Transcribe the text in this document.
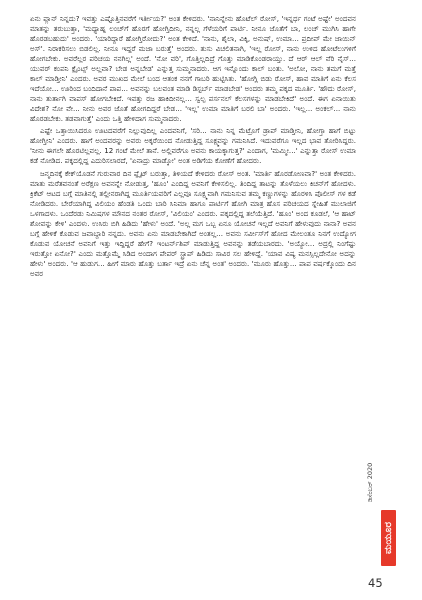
ಏನು ಪ್ಲಾನ್ ನಿನ್ನದು? ಇವತ್ತು ಎಷ್ಟೊತ್ತಿನವರೆಗೆ ಇರ್ತೀಯ?' ಅಂತ ಕೇಳಿದರು. 'ನಾನಿನ್ನೇನು ಹೊಟೆಲ್ ರೋಸ್, 'ಇನ್ನರ್ಧ ಗಂಟೆ ಅಷ್ಟೇ' ಅಂದವನ ಮಾತನ್ನು ತರುಬುತ್ತಾ, 'ಮಧ್ಯಾಹ್ನ ಲಂಚ್‌ಗೆ ಹೊರಗೆ ಹೋಗ್ತಿದೀನಿ, ನನ್ನಲ್ಲ ಗೆಳೆಯರಿಗೆ ಪಾರ್ಟಿ. ನೀನೂ ಜೊತೆಗೆ ಬಾ, ಲಂಚ್ ಮುಗಿಸಿ ಹಾಗೇ ಹೊರಡಬಹುದು' ಅಂದರು. 'ಯಾರಿದ್ದಾರೆ ಹೋಗ್ತಿರೋದು?' ಅಂತ ಕೇಳಿದೆ. 'ನಾನು, ಶೈಲಾ, ವಿಕ್ಕಿ, ಅನುಷ್, ಉಮಾ... ಪ್ರದೀಪ್ ಮೇ ಜಾಯಿನ್ ಅಸ್'. ನಿರಾಕರಿಸಲು ಬಿಡಲಿಲ್ಲ. ನೀನೂ ಇದ್ದರೆ ಮಜಾ ಬರುತ್ತೆ' ಅಂದರು. ತುಸು ವಿಚಲಿತನಾಗಿ, 'ಇಲ್ಲ ರೋಸ್, ನಾನು ಉಳಿದ ಹೋಟೆಲುಗಳಿಗೆ ಹೋಗಬೇಕು. ಅವರೆಲ್ಲರ ಪರಿಚಯ ನನಗಿಲ್ಲ' ಅಂದೆ. 'ನೋ ವರಿ', ಗೊತ್ತಿಲ್ಲದಿದ್ರೆ ಗೊತ್ತು ಮಾಡಿಕೊಂಡರಾಯ್ತು. ದೆ ಆರ್ ಆಲ್ ವೆರಿ ನೈಸ್... ಯುವರ್ ಕಂಪನಿ ಕ್ಲೈಂಟ್ಸ್ ಅಲ್ಲವಾ? ಬೇಡ ಅನ್ನಬೇಡ' ಎನ್ನುತ್ತ ಸುಮ್ಮನಾದರು. ಆಗ ಇನ್ನೊಂದು ಕಾಲ್ ಬಂತು. 'ಅಲೋ, ನಾನು ತಮಗೆ ಮತ್ತೆ ಕಾಲ್ ಮಾಡ್ತೀನಿ' ಎಂದರು. ಅವರ ಮುಖದ ಮೇಲೆ ಬಂದ ಆತಂಕ ನನಗೆ ಗಾಬರಿ ಹುಟ್ಟಿಸಿತು. 'ಹೋಗ್ಲಿ ಬಿಡು ರೋಸ್, ಹಾವ ಮಾತಿಗೆ ಏನು ಕೆಲಸ ಇದೆಯೋ... ಊರಿಂದ ಬಂದಿದಾನೆ ಪಾಪ... ಅವನನ್ನು ಬಲವಂತ ಮಾಡಿ ಡಿಸ್ಟರ್ಬ್ ಮಾಡಬೇಡ' ಅಂದರು ತಮ್ಮ ಪಕ್ಕದ ಮೂರ್ತಿ. 'ಹೌದು ರೋಸ್, ನಾನು ತುರ್ತಾಗಿ ವಾಪಸ್ ಹೋಗಬೇಕಿದೆ. ಇವತ್ತು ರಜ ಹಾಕಿದೀನಲ್ಲ... ಸ್ವಲ್ಪ ಪರ್ಸನಲ್ ಕೆಲಸಗಳನ್ನು ಮಾಡಬೇಕಿದೆ' ಅಂದೆ. ಈಗ ಏನಾಯಿತು ವಿದೇಶ? ನೋ ವೇ... ನೀನು ಅವರ ಜೊತೆ ಹೋಗದಿದ್ದರೆ ಬೇಡ... 'ಇಲ್ಲ' ಉಮಾ ಮಾತಿಗೆ ಬರಲಿ ಬಾ' ಅಂದರು. 'ಇಲ್ಲ... ಅಂಕಲ್... ನಾನು ಹೊರಡಬೇಕು. ತಡವಾಗುತ್ತೆ' ಎಂದು ಒತ್ತಿ ಹೇಳಿದಾಗ ಸುಮ್ಮನಾದರು.

ಎಷ್ಟೇ ಒತ್ತಾಯಿಸಿದರೂ ಊಟದವರೆಗೆ ನಿಲ್ಲುವುದಿಲ್ಲ ಎಂದವನಿಗೆ, 'ಸರಿ... ನಾನು ನಿನ್ನ ಮೆಟ್ರೊಗೆ ಡ್ರಾಪ್ ಮಾಡ್ತೀನಿ, ಹೋಗ್ತಾ ಹಾಗೆ ಬಿಟ್ಟು ಹೋಗ್ತೀನಿ' ಎಂದರು. ಹಾಗೆ ಅಂದವರನ್ನು ಅವರು ಅಕ್ಕರೆಯಿಂದ ನೋಡುತ್ತಿದ್ದ ಸೂಕ್ಷ್ಮವನ್ನು ಗಮನಿಸಿದೆ. ಇದುವರೆಗೂ ಇಲ್ಲದ ಭಾವ ತೋರಿಸಿದ್ದರು. 'ನೀನು ಈಗಲೇ ಹೊರಟಿಲ್ಲವಲ್ಲ. 12 ಗಂಟೆ ಮೇಲೆ ತಾನೆ. ಅಲ್ಲಿವರೆಗೂ ಅವನು ಕಾಯಕ್ಕಾಗುತ್ತ?' ಎಂದಾಗ, 'ಮಮ್ಮೀ...' ಎನ್ನುತ್ತಾ ರೋಸ್ ಉಮಾ ಕಡೆ ನೋಡಿದ. ಪಕ್ಕದಲ್ಲಿದ್ದ ಎದುರಿಸಲಾರದೆ, 'ಏನಾದ್ರು ಮಾಡ್ಕೋ' ಅಂತ ಅಡಿಗೆಯ ಕೋಣೆಗೆ ಹೋದರು.

ಜನ್ಮದಿನಕ್ಕೆ ಕೇಕ್‌ಯೊಡನೆ ಗುರುವಾರ ದಿನ ಫ್ಲೈಟ್ ಬರುತ್ತಾ, ತಿಳಿಯದೆ ಕೇಳಿದರು ರೋಸ್ ಅಂತ. 'ಮಾರ್ತಿ ಹೊರಡೋಣವಾ?' ಅಂತ ಕೇಳಿದರು. ಮಾತು ಮರೆತವನಂತೆ ಅರೆಕ್ಷಣ ಅವನನ್ನೇ ನೋಡುತ್ತ, 'ಹೂಂ' ಎಂದಿದ್ದ ಅವನಿಗೆ ಕೇಳಿಸಲಿಲ್ಲ. ತಿಂದಿದ್ದ ತಾಟನ್ನು ತೊಳೆಯಲು ಕಿಚನ್‌ಗೆ ಹೋದಳು. ಕ್ರಿಕೆಟ್ ಆಟದ ಬಗ್ಗೆ ಮಾತಿನಲ್ಲಿ ತಲ್ಲೀನರಾಗಿದ್ದ ಮೂರ್ತಿಯವರಿಗೆ ಎಲ್ಲವೂ ಸೂಕ್ಷ್ಮವಾಗಿ ಗಮನಿಸುವ ತಮ್ಮ ಕಣ್ಣುಗಳನ್ನು ಹೊರಳಿಸಿ ಪೊಲೀಸ್ ಗಳ ಕಡೆ ನೋಡಿದರು. ಬೇರೆಯಾಗಿದ್ದ ವಿಲಿಯಂ ಹೆಂಡತಿ ಒಂದು ಬಾರಿ ಸಿನಿಮಾ ಹಾಗೂ ಪಾರ್ಟಿಗೆ ಹೋಗಿ ಮಾತ್ರ ಹೊಸ ಪರಿಚಯದ ಸ್ನೇಹಿತೆ ಮುಲಾಜಿಗೆ ಒಳಗಾದಳು. ಒಂದೆರಡು ನಿಮಿಷಗಳ ಮೌನದ ನಂತರ ರೋಸ್, 'ವಿಲಿಯಂ' ಎಂದರು. ಪಕ್ಕದಲ್ಲಿದ್ದ ತಲೆಯೆತ್ತಿದೆ. 'ಹೂಂ' ಅಂದ ಕೂಡಲೆ, 'ಆ ಹಾಟ್ ಶೋವನ್ನು ಕೇಳಿ' ಎಂದಳು. ಉಸಿರು ಬಿಗಿ ಹಿಡಿದು 'ಹೇಳು' ಅಂದೆ. 'ಅಲ್ಲ ಮಗ ಒಬ್ಬ ಏನೂ ಯೋಚನೆ ಇಲ್ಲದೆ ಅವನಿಗೆ ಹೇಳುವುದು ನಾನಾ? ಅವನ ಬಗ್ಗೆ ಹೇಳಿಕೆ ಕೊಡುವ ಜವಾಬ್ದಾರಿ ನನ್ನದು. ಅವನು ಏನು ಮಾಡಬೇಕಾಗಿದೆ ಅಂತಲ್ಲ... ಅವನು ಸರ್ವೀಸ್‌ಗೆ ಹೋದ ಮೇಲಂತೂ ನಿನಗೆ ಉದ್ಯೋಗ ಕೊಡುವ ಯೋಚನೆ ಅವನಿಗೆ ಇತ್ತು ಇದ್ದಿದ್ದರೆ ಹೇಗೆ? ಇಂಟರ್ನ್‌ಶಿಪ್ ಮಾಡುತ್ತಿದ್ದ ಅವನನ್ನು ತಡೆಯಬಾರದು. 'ಅಯ್ಯೋ... ಅದ್ರಲ್ಲಿ ನಿಂಗೆಷ್ಟು ಇರುತ್ತೋ ಏನೋ?' ಎಂದು ಮತ್ತೊಮ್ಮೆ ಸಿಡಿದ ಅಂದಾಗ ಪೇಪರ್ ಸ್ಟ್ರಾಪ್ ಹಿಡಿದು ಸಾವಿರ ಸಲ ಹೇಳಿದ್ದೆ. 'ಯಾವ ವಿಷ್ಯ ಮನಸ್ಸಿಲ್ಲದೇನೋ ಅದನ್ನು ಹೇಳು' ಅಂದರು. 'ಆ ಹುಡುಗ... ಹೀಗೆ ಮಾರು ಹೊತ್ತು ಬರ್ತಾ ಇದ್ರೆ ಏನು ಚೆನ್ನ ಅಂತ' ಅಂದರು. 'ಮೂರು ಹೊತ್ತು... ಪಾಪ ವರ್ಷಕ್ಕೊಂದು ದಿನ ಅವರ

ಡಿಸೆಂಬರ್ 2020
ಮಯೂರ
45
